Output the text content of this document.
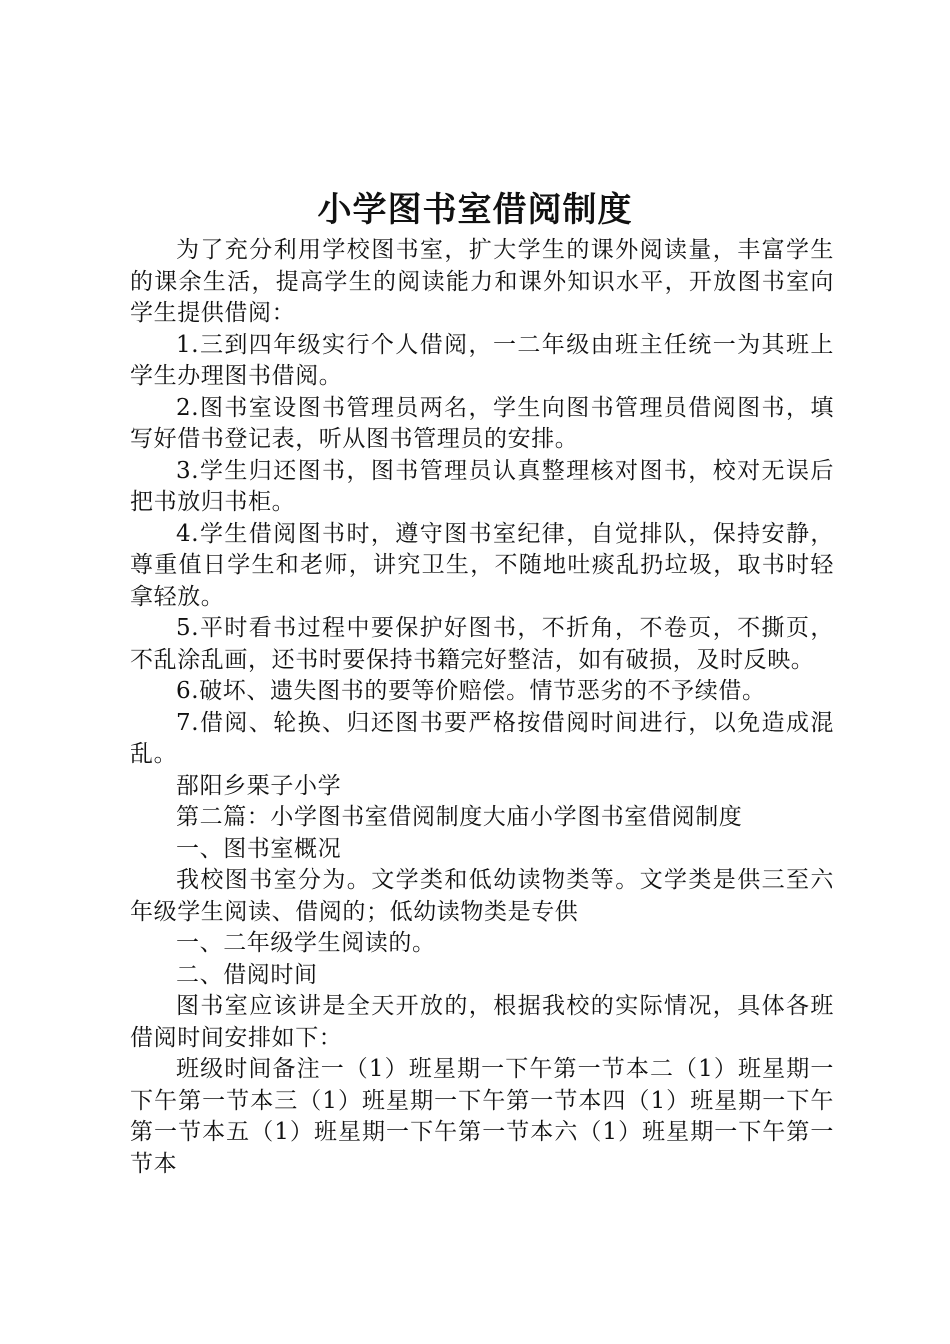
小学图书室借阅制度

为了充分利用学校图书室，扩大学生的课外阅读量，丰富学生的课余生活，提高学生的阅读能力和课外知识水平，开放图书室向学生提供借阅：

1.三到四年级实行个人借阅，一二年级由班主任统一为其班上学生办理图书借阅。

2.图书室设图书管理员两名，学生向图书管理员借阅图书，填写好借书登记表，听从图书管理员的安排。

3.学生归还图书，图书管理员认真整理核对图书，校对无误后把书放归书柜。

4.学生借阅图书时，遵守图书室纪律，自觉排队，保持安静，尊重值日学生和老师，讲究卫生，不随地吐痰乱扔垃圾，取书时轻拿轻放。

5.平时看书过程中要保护好图书，不折角，不卷页，不撕页，不乱涂乱画，还书时要保持书籍完好整洁，如有破损，及时反映。

6.破坏、遗失图书的要等价赔偿。情节恶劣的不予续借。

7.借阅、轮换、归还图书要严格按借阅时间进行，以免造成混乱。

郚阳乡栗子小学

第二篇：小学图书室借阅制度大庙小学图书室借阅制度

一、图书室概况

我校图书室分为。文学类和低幼读物类等。文学类是供三至六年级学生阅读、借阅的；低幼读物类是专供

一、二年级学生阅读的。

二、借阅时间

图书室应该讲是全天开放的，根据我校的实际情况，具体各班借阅时间安排如下：

班级时间备注一（1）班星期一下午第一节本二（1）班星期一下午第一节本三（1）班星期一下午第一节本四（1）班星期一下午第一节本五（1）班星期一下午第一节本六（1）班星期一下午第一节本
